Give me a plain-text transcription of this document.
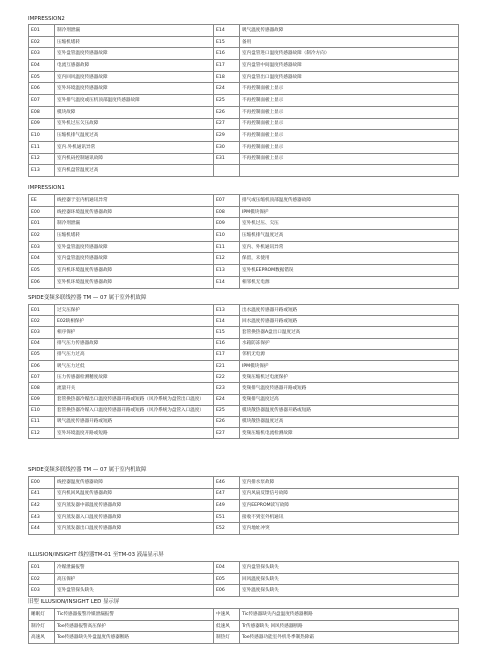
IMPRESSION2
E01	制冷剂泄漏	E14	吸气温度传感器故障
E02	压缩机堵转	E15	备用
E03	室外盘管温度传感器故障	E16	室内盘管进口温度传感器故障（制冷方向）
E04	电流互感器故障	E17	室内盘管中间温度传感器故障
E05	室内回风温度传感器故障	E18	室内盘管出口温度传感器故障
E06	室外环境温度传感器故障	E24	不再控制面板上显示
E07	室外排气温度或压机顶部温度传感器故障	E25	不再控制面板上显示
E08	模块故障	E26	不再控制面板上显示
E09	室外机过压欠压故障	E27	不再控制面板上显示
E10	压缩机排气温度过高	E29	不再控制面板上显示
E11	室内.外机通讯异常	E30	不再控制面板上显示
E12	室内机码控制通讯故障	E31	不再控制面板上显示
E13	室内机盘管温度过高		
IMPRESSION1
EE	线控器于室内机通讯异常	E07	排气或压缩机顶部温度传感器故障
E00	线控器环境温度传感器故障	E08	IPM模块保护
E01	制冷剂泄漏	E09	室外机过压、欠压
E02	压缩机堵转	E10	压缩机排气温度过高
E03	室外盘管温度传感器故障	E11	室内、外机通讯异常
E04	室内盘管温度传感器故障	E12	保留，未使用
E05	室内机环境温度传感器故障	E13	室外机EEPROM数据错误
E06	室外机环境温度传感器故障	E14	相邻机无电源
SPIDE变频多联线控器 TM — 07 属于室外机故障
E01	过欠压保护	E13	出水温度传感器开路或短路
E02	E02缺相保护	E14	回水温度传感器开路或短路
E03	相序保护	E15	套管换热器A盘出口温度过高
E04	排气压力传感器故障	E16	水箱防冻保护
E05	排气压力过高	E17	邻机无电源
E06	吸气压力过低	E21	IPM模块保护
E07	压力传感器检测精度故障	E22	变频压缩机过电流保护
E08	流量开关	E23	变频排气温度传感器开路或短路
E09	套管换热器冷媒出口温度传感器开路或短路（风冷系统为盘管出口温度）	E24	变频排气温度过高
E10	套管换热器冷媒入口温度传感器开路或短路（风冷系统为盘管入口温度）	E25	模块散热器温度传感器开路或短路
E11	吸气温度传感器开路或短路	E26	模块散热器温度过高
E12	室外环境温度开路或短路	E27	变频压缩机电流检测故障
SPIDE变频多联线控器 TM — 07 属于室内机故障
E00	线控器温度传感器故障	E46	室内排水泵故障
E41	室内机回风温度传感器故障	E47	室内风扇反馈信号故障
E42	室内蒸发器中部温度传感器故障	E49	室内EEPROM读写故障
E43	室内蒸发器入口温度传感器故障	E51	接收不到室外机通讯
E44	室内蒸发器出口温度传感器故障	E52	室内地址冲突
ILLUSION/INSIGHT 线控器TM-01 至TM-03 液晶显示屏
E01	冷媒泄漏报警	E04	室内盘管探头缺失
E02	高压保护	E05	回风温度探头缺失
E03	室外盘管探头缺失	E06	室外温度探头缺失
旧型 ILLUSION/INSIGHT LED 显示屏
睡眠灯	Tic传感器报警冷媒泄漏报警	中速风	Tic传感器缺失内盘温度传感器断路
制冷灯	Toe传感器报警高压保护	低速风	Tr传感器缺失 回风传感器断路
高速风	Toe传感器缺失外盘温度传感器断路	制热灯	Toe传感器功能室外机冬季制热除霜
